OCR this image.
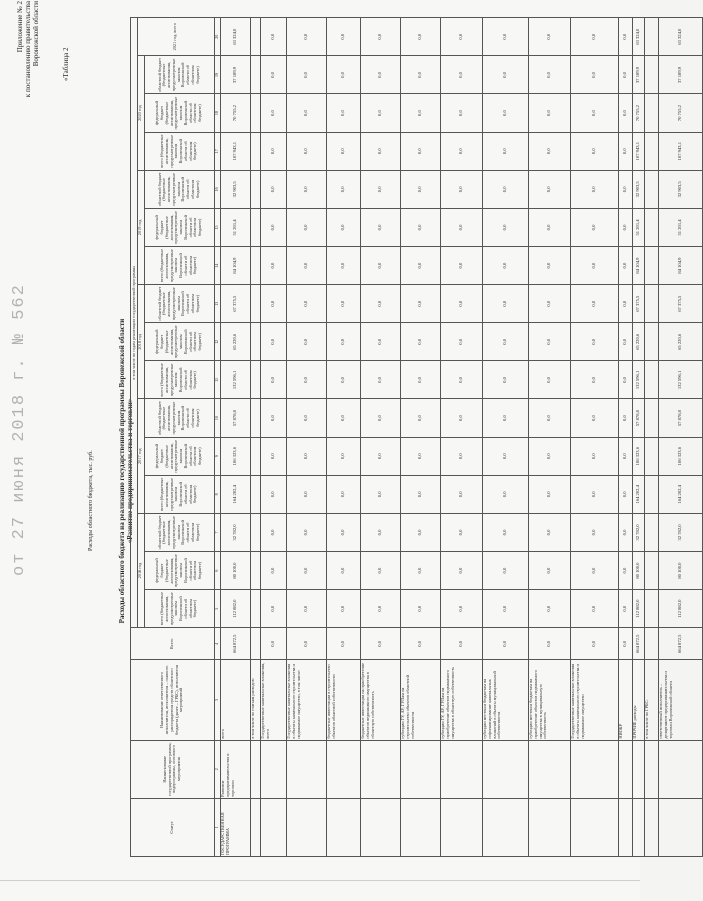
от 27 июня 2018 г. № 562	Расходы областного бюджета, тыс. руб.
Приложение № 2 к постановлению правительства Воронежской области	«Таблица 2
Расходы областного бюджета на реализацию государственной программы Воронежской области «Развитие предпринимательства и торговли»
Статус	Наименование государственной программы, подпрограммы, основного мероприятия	Наименование ответственного исполнителя, исполнителя – главного распорядителя средств областного бюджета (далее – ГРБС), исполнителя мероприятий	Всего	в том числе по годам реализации государственной программы															
				2016 год			2017 год			2018 год			2019 год			2020 год			2021 год, всего
				всего (бюджетные ассигнования, предусмотренные законом Воронежской области об областном бюджете)	федеральный бюджет (бюджетные ассигнования, предусмотренные законом Воронежской области об областном бюджете)	областной бюджет (бюджетные ассигнования, предусмотренные законом Воронежской области об областном бюджете)	всего (бюджетные ассигнования, предусмотренные законом Воронежской области об областном бюджете)	федеральный бюджет (бюджетные ассигнования, предусмотренные законом Воронежской области об областном бюджете)	областной бюджет (бюджетные ассигнования, предусмотренные законом Воронежской области об областном бюджете)	всего (бюджетные ассигнования, предусмотренные законом Воронежской области об областном бюджете)	федеральный бюджет (бюджетные ассигнования, предусмотренные законом Воронежской области об областном бюджете)	областной бюджет (бюджетные ассигнования, предусмотренные законом Воронежской области об областном бюджете)	всего (бюджетные ассигнования, предусмотренные законом Воронежской области об областном бюджете)	федеральный бюджет (бюджетные ассигнования, предусмотренные законом Воронежской области об областном бюджете)	областной бюджет (бюджетные ассигнования, предусмотренные законом Воронежской области об областном бюджете)	всего (бюджетные ассигнования, предусмотренные законом Воронежской области об областном бюджете)	федеральный бюджет (бюджетные ассигнования, предусмотренные законом Воронежской области об областном бюджете)	областной бюджет (бюджетные ассигнования, предусмотренные законом Воронежской области об областном бюджете)	
1	2	3	4	5	6	7	8	9	10	11	12	13	14	15	16	17	18	19	20
ГОСУДАРСТВЕННАЯ ПРОГРАММА	Развитие предпринимательства и торговли	всего	664 872,5	112 882,0	80 100,0	32 782,0	164 202,4	106 323,6	57 878,8	132 596,1	65 220,6	67 375,5	84 104,9	51 201,4	32 903,5	107 943,1	70 755,2	37 189,9	63 324,0
		в том числе по статьям расходов:																	
		Государственные капитальные вложения, всего	0,0	0,0	0,0	0,0	0,0	0,0	0,0	0,0	0,0	0,0	0,0	0,0	0,0	0,0	0,0	0,0	0,0
		Государственные капитальные вложения в объекты капитального строительства и недвижимое имущество, в том числе:	0,0	0,0	0,0	0,0	0,0	0,0	0,0	0,0	0,0	0,0	0,0	0,0	0,0	0,0	0,0	0,0	0,0
		бюджетные инвестиции в строительство объектов областной собственности	0,0	0,0	0,0	0,0	0,0	0,0	0,0	0,0	0,0	0,0	0,0	0,0	0,0	0,0	0,0	0,0	0,0
		бюджетные инвестиции на приобретение объектов недвижимого имущества в областную собственность	0,0	0,0	0,0	0,0	0,0	0,0	0,0	0,0	0,0	0,0	0,0	0,0	0,0	0,0	0,0	0,0	0,0
		субсидии ГУ, АУ, ГУПам на строительство объектов областной собственности	0,0	0,0	0,0	0,0	0,0	0,0	0,0	0,0	0,0	0,0	0,0	0,0	0,0	0,0	0,0	0,0	0,0
		субсидии ГУ, АУ, ГУПам на приобретение объектов недвижимого имущества в областную собственность	0,0	0,0	0,0	0,0	0,0	0,0	0,0	0,0	0,0	0,0	0,0	0,0	0,0	0,0	0,0	0,0	0,0
		субсидии местным бюджетам на софинансирование капитальных вложений в объекты муниципальной собственности	0,0	0,0	0,0	0,0	0,0	0,0	0,0	0,0	0,0	0,0	0,0	0,0	0,0	0,0	0,0	0,0	0,0
		субсидии местным бюджетам на приобретение объектов недвижимого имущества в муниципальную собственность	0,0	0,0	0,0	0,0	0,0	0,0	0,0	0,0	0,0	0,0	0,0	0,0	0,0	0,0	0,0	0,0	0,0
		Государственные капитальные вложения в объекты капитального строительства и недвижимое имущество	0,0	0,0	0,0	0,0	0,0	0,0	0,0	0,0	0,0	0,0	0,0	0,0	0,0	0,0	0,0	0,0	0,0
		НИОКР	0,0	0,0	0,0	0,0	0,0	0,0	0,0	0,0	0,0	0,0	0,0	0,0	0,0	0,0	0,0	0,0	0,0
		ПРОЧИЕ расходы	664 872,5	112 882,0	80 100,0	32 782,0	164 202,4	106 323,6	57 878,8	132 596,1	65 220,6	67 375,5	84 104,9	51 201,4	32 903,5	107 943,1	70 755,2	37 189,9	63 324,0
		в том числе по ГРБС:																	
		ответственный исполнитель – департамент предпринимательства и торговли Воронежской области	664 872,5	112 882,0	80 100,0	32 782,0	164 202,4	106 323,6	57 878,8	132 596,1	65 220,6	67 375,5	84 104,9	51 201,4	32 903,5	107 943,1	70 755,2	37 189,9	63 324,0
